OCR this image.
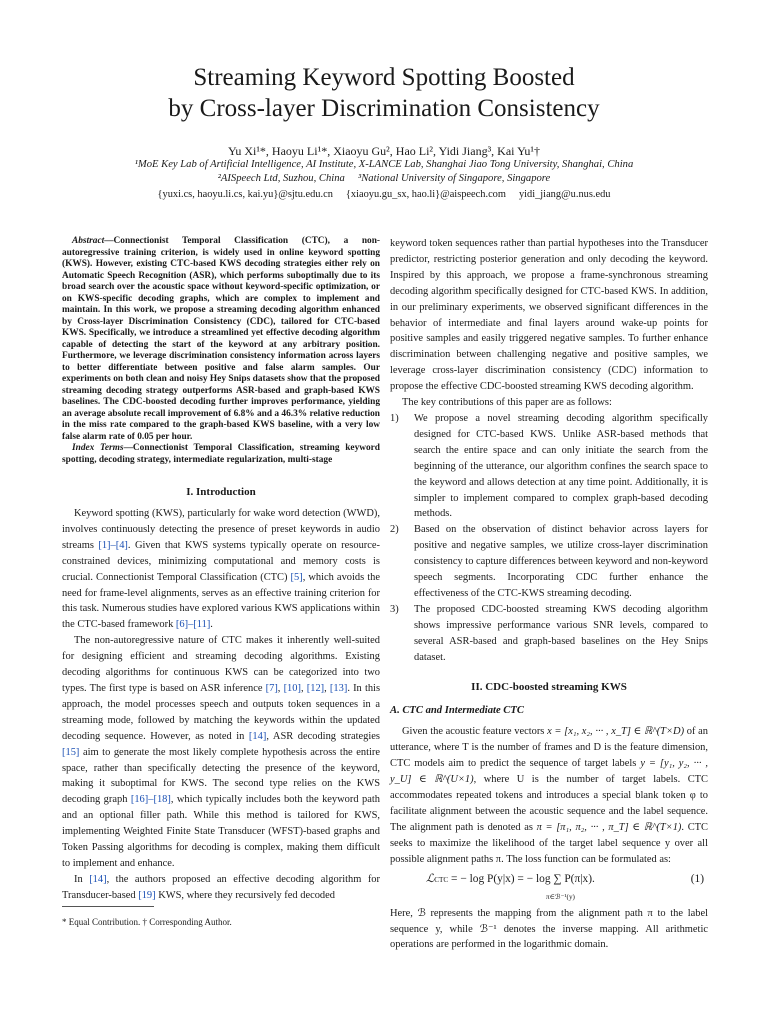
Streaming Keyword Spotting Boosted
by Cross-layer Discrimination Consistency
Yu Xi¹*, Haoyu Li¹*, Xiaoyu Gu², Hao Li², Yidi Jiang³, Kai Yu¹†
¹MoE Key Lab of Artificial Intelligence, AI Institute, X-LANCE Lab, Shanghai Jiao Tong University, Shanghai, China
²AISpeech Ltd, Suzhou, China     ³National University of Singapore, Singapore
{yuxi.cs, haoyu.li.cs, kai.yu}@sjtu.edu.cn     {xiaoyu.gu_sx, hao.li}@aispeech.com     yidi_jiang@u.nus.edu

Abstract—Connectionist Temporal Classification (CTC), a non-autoregressive training criterion, is widely used in online keyword spotting (KWS). However, existing CTC-based KWS decoding strategies either rely on Automatic Speech Recognition (ASR), which performs suboptimally due to its broad search over the acoustic space without keyword-specific optimization, or on KWS-specific decoding graphs, which are complex to implement and maintain. In this work, we propose a streaming decoding algorithm enhanced by Cross-layer Discrimination Consistency (CDC), tailored for CTC-based KWS. Specifically, we introduce a streamlined yet effective decoding algorithm capable of detecting the start of the keyword at any arbitrary position. Furthermore, we leverage discrimination consistency information across layers to better differentiate between positive and false alarm samples. Our experiments on both clean and noisy Hey Snips datasets show that the proposed streaming decoding strategy outperforms ASR-based and graph-based KWS baselines. The CDC-boosted decoding further improves performance, yielding an average absolute recall improvement of 6.8% and a 46.3% relative reduction in the miss rate compared to the graph-based KWS baseline, with a very low false alarm rate of 0.05 per hour.

Index Terms—Connectionist Temporal Classification, streaming keyword spotting, decoding strategy, intermediate regularization, multi-stage

I. Introduction

Keyword spotting (KWS), particularly for wake word detection (WWD), involves continuously detecting the presence of preset keywords in audio streams [1]–[4]. Given that KWS systems typically operate on resource-constrained devices, minimizing computational and memory costs is crucial. Connectionist Temporal Classification (CTC) [5], which avoids the need for frame-level alignments, serves as an effective training criterion for this task. Numerous studies have explored various KWS applications within the CTC-based framework [6]–[11].

The non-autoregressive nature of CTC makes it inherently well-suited for designing efficient and streaming decoding algorithms. Existing decoding algorithms for continuous KWS can be categorized into two types. The first type is based on ASR inference [7], [10], [12], [13]. In this approach, the model processes speech and outputs token sequences in a streaming mode, followed by matching the keywords within the updated decoding sequence. However, as noted in [14], ASR decoding strategies [15] aim to generate the most likely complete hypothesis across the entire space, rather than specifically detecting the presence of the keyword, making it suboptimal for KWS. The second type relies on the KWS decoding graph [16]–[18], which typically includes both the keyword path and an optional filler path. While this method is tailored for KWS, implementing Weighted Finite State Transducer (WFST)-based graphs and Token Passing algorithms for decoding is complex, making them difficult to implement and enhance.

In [14], the authors proposed an effective decoding algorithm for Transducer-based [19] KWS, where they recursively fed decoded

* Equal Contribution. † Corresponding Author.

keyword token sequences rather than partial hypotheses into the Transducer predictor, restricting posterior generation and only decoding the keyword. Inspired by this approach, we propose a frame-synchronous streaming decoding algorithm specifically designed for CTC-based KWS. In addition, in our preliminary experiments, we observed significant differences in the behavior of intermediate and final layers around wake-up points for positive samples and easily triggered negative samples. To further enhance discrimination between challenging negative and positive samples, we leverage cross-layer discrimination consistency (CDC) information to propose the effective CDC-boosted streaming KWS decoding algorithm.

The key contributions of this paper are as follows:

1) We propose a novel streaming decoding algorithm specifically designed for CTC-based KWS. Unlike ASR-based methods that search the entire space and can only initiate the search from the beginning of the utterance, our algorithm confines the search space to the keyword and allows detection at any time point. Additionally, it is simpler to implement compared to complex graph-based decoding methods.
2) Based on the observation of distinct behavior across layers for positive and negative samples, we utilize cross-layer discrimination consistency to capture differences between keyword and non-keyword speech segments. Incorporating CDC further enhance the effectiveness of the CTC-KWS streaming decoding.
3) The proposed CDC-boosted streaming KWS decoding algorithm shows impressive performance various SNR levels, compared to several ASR-based and graph-based baselines on the Hey Snips dataset.
II. CDC-boosted streaming KWS
A. CTC and Intermediate CTC

Given the acoustic feature vectors x = [x₁, x₂, ··· , x_T] ∈ ℝ^(T×D) of an utterance, where T is the number of frames and D is the feature dimension, CTC models aim to predict the sequence of target labels y = [y₁, y₂, ··· , y_U] ∈ ℝ^(U×1), where U is the number of target labels. CTC accommodates repeated tokens and introduces a special blank token φ to facilitate alignment between the acoustic sequence and the label sequence. The alignment path is denoted as π = [π₁, π₂, ··· , π_T] ∈ ℝ^(T×1). CTC seeks to maximize the likelihood of the target label sequence y over all possible alignment paths π. The loss function can be formulated as:

ℒCTC = − log P(y|x) = − log ∑ P(π|x).
π∈ℬ⁻¹(y)
(1)

Here, ℬ represents the mapping from the alignment path π to the label sequence y, while ℬ⁻¹ denotes the inverse mapping. All arithmetic operations are performed in the logarithmic domain.
